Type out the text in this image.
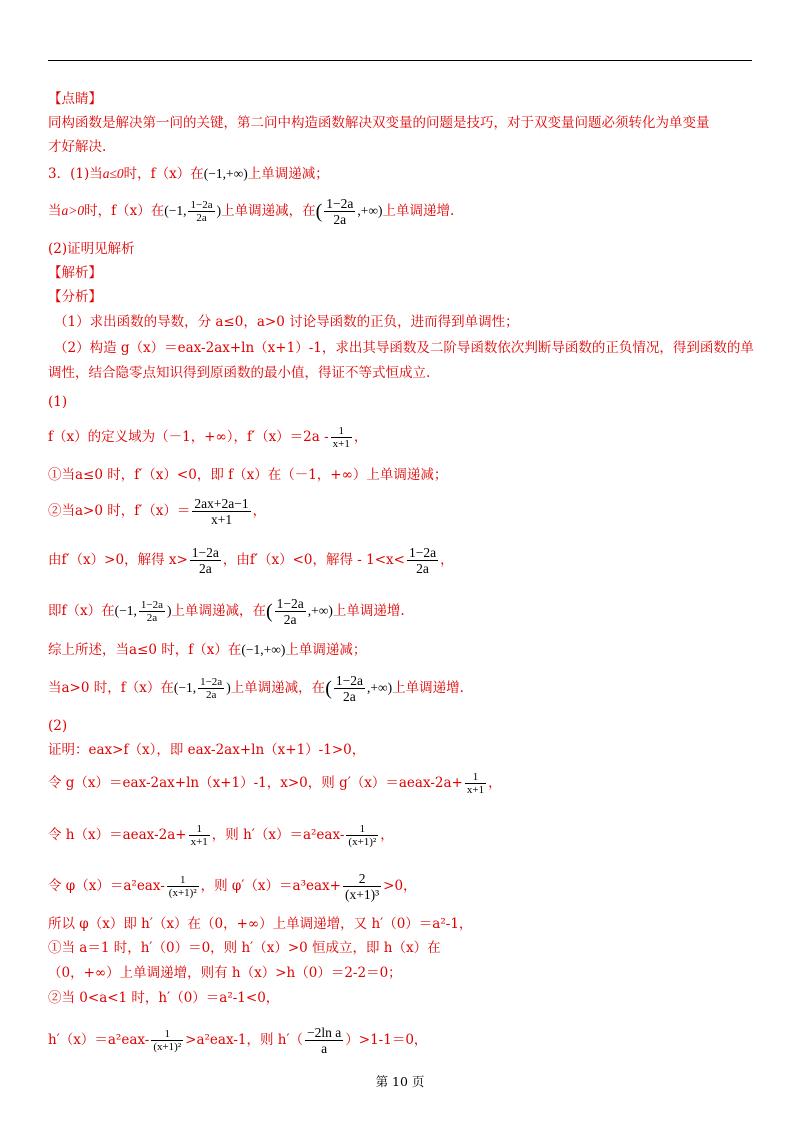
【点睛】
同构函数是解决第一问的关键，第二问中构造函数解决双变量的问题是技巧，对于双变量问题必须转化为单变量
才好解决.
3．(1)当a≤0时，f（x）在(−1,+∞)上单调递减；
当a>0时，f（x）在(−1, $\frac{1-2a}{2a}$ )上单调递减，在( $\frac{1-2a}{2a}$ ,+∞)上单调递增.
(2)证明见解析
【解析】
【分析】
（1）求出函数的导数，分 a≤0，a>0 讨论导函数的正负，进而得到单调性；
（2）构造 g（x）＝eax-2ax+ln（x+1）-1，求出其导函数及二阶导函数依次判断导函数的正负情况，得到函数的单
调性，结合隐零点知识得到原函数的最小值，得证不等式恒成立.
(1)
f（x）的定义域为（－1，+∞），$f'(x)=2a - \frac{1}{x+1}$ ，
①当a≤0 时，f′（x）<0，即 f（x）在（－1，+∞）上单调递减；
②当a>0 时，$f'(x)= \frac{2ax+2a-1}{x+1}$ ，
由f′（x）>0，解得 $x> \frac{1-2a}{2a}$ ，由f′（x）<0，解得 - $1<x< \frac{1-2a}{2a}$ ，
即f（x）在(−1, $\frac{1-2a}{2a}$ )上单调递减，在( $\frac{1-2a}{2a}$ ,+∞)上单调递增.
综上所述，当a≤0 时，f（x）在(−1,+∞)上单调递减；
当a>0 时，f（x）在(−1, $\frac{1-2a}{2a}$ )上单调递减，在( $\frac{1-2a}{2a}$ ,+∞)上单调递增.
(2)
证明：eax>f（x），即 eax-2ax+ln（x+1）-1>0，
令 g（x）＝eax-2ax+ln（x+1）-1，x>0，则 g′（x）＝aeax-2a+ $\frac{1}{x+1}$ ，
令 h（x）＝aeax-2a+ $\frac{1}{x+1}$ ，则 $h'(x)=a^2eax- \frac{1}{\text{(x+1)²}}$ ，
令 $\varphi(x)=a^2eax- \frac{1}{\text{(x+1)²}}$ ，则 $\varphi'(x)=a^3eax+ \frac{2}{\text{(x+1)³}} >0$，
所以 φ（x）即 h′（x）在（0，+∞）上单调递增，又 h′（0）＝a²-1，
①当 a＝1 时，h′（0）＝0，则 h′（x）>0 恒成立，即 h（x）在
（0，+∞）上单调递增，则有 h（x）>h（0）＝2-2＝0；
②当 0<a<1 时，h′（0）＝a²-1<0，
$h'(x)=a^2eax- \frac{1}{\text{(x+1)²}} >a^2eax-1$，则 $h'( \frac{\text{−2ln a}}{a} )>1-1=0$，
第 10 页
